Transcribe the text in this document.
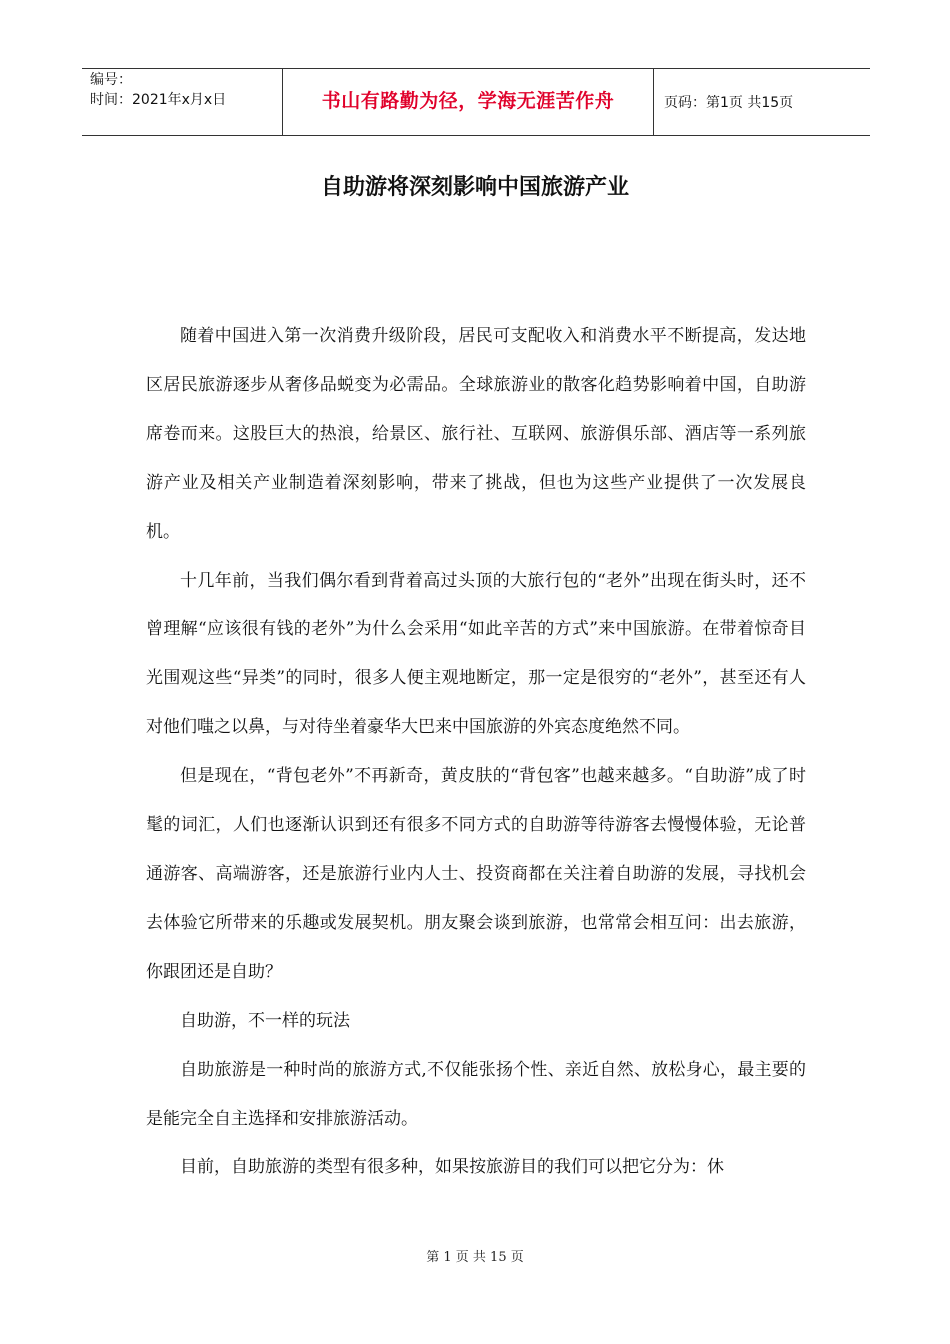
编号：
时间：2021年x月x日	书山有路勤为径，学海无涯苦作舟	页码：第1页 共15页
自助游将深刻影响中国旅游产业

随着中国进入第一次消费升级阶段，居民可支配收入和消费水平不断提高，发达地区居民旅游逐步从奢侈品蜕变为必需品。全球旅游业的散客化趋势影响着中国，自助游席卷而来。这股巨大的热浪，给景区、旅行社、互联网、旅游俱乐部、酒店等一系列旅游产业及相关产业制造着深刻影响，带来了挑战，但也为这些产业提供了一次发展良机。

十几年前，当我们偶尔看到背着高过头顶的大旅行包的“老外”出现在街头时，还不曾理解“应该很有钱的老外”为什么会采用“如此辛苦的方式”来中国旅游。在带着惊奇目光围观这些“异类”的同时，很多人便主观地断定，那一定是很穷的“老外”，甚至还有人对他们嗤之以鼻，与对待坐着豪华大巴来中国旅游的外宾态度绝然不同。

但是现在，“背包老外”不再新奇，黄皮肤的“背包客”也越来越多。“自助游”成了时髦的词汇，人们也逐渐认识到还有很多不同方式的自助游等待游客去慢慢体验，无论普通游客、高端游客，还是旅游行业内人士、投资商都在关注着自助游的发展，寻找机会去体验它所带来的乐趣或发展契机。朋友聚会谈到旅游，也常常会相互问：出去旅游，你跟团还是自助？

自助游，不一样的玩法

自助旅游是一种时尚的旅游方式,不仅能张扬个性、亲近自然、放松身心，最主要的是能完全自主选择和安排旅游活动。

目前，自助旅游的类型有很多种，如果按旅游目的我们可以把它分为：休

第 1 页 共 15 页
